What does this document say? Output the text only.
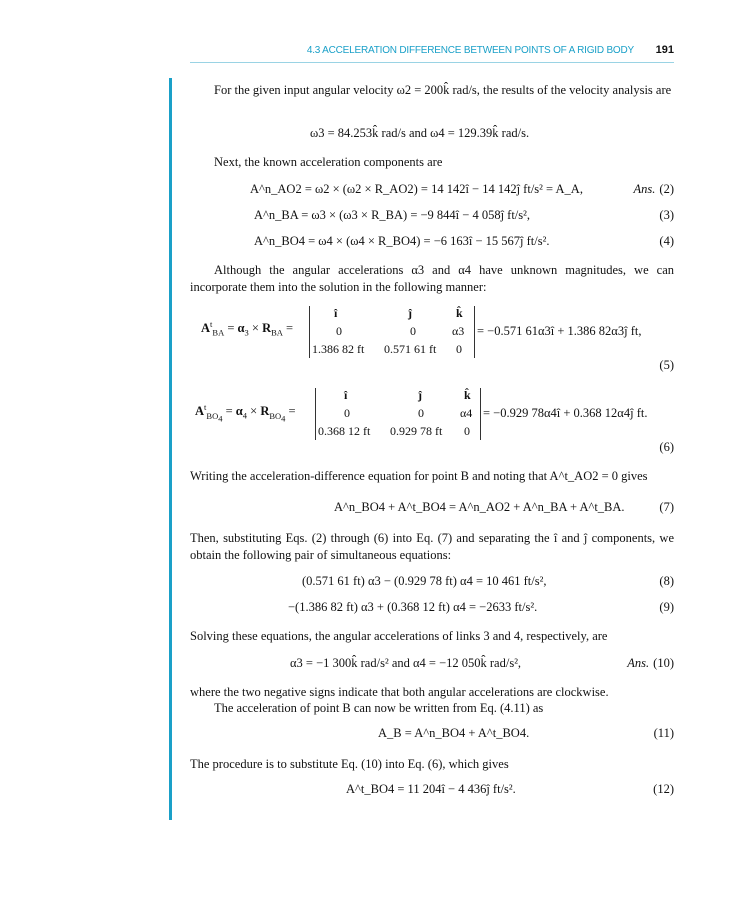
4.3 ACCELERATION DIFFERENCE BETWEEN POINTS OF A RIGID BODY 191
For the given input angular velocity ω2 = 200k̂ rad/s, the results of the velocity analysis are
ω3 = 84.253k̂ rad/s and ω4 = 129.39k̂ rad/s.
Next, the known acceleration components are
A^n_AO2 = ω2 × (ω2 × R_AO2) = 14 142î − 14 142ĵ ft/s² = A_A,	Ans. (2)
A^n_BA = ω3 × (ω3 × R_BA) = −9 844î − 4 058ĵ ft/s²,	(3)
A^n_BO4 = ω4 × (ω4 × R_BO4) = −6 163î − 15 567ĵ ft/s².	(4)
Although the angular accelerations α3 and α4 have unknown magnitudes, we can incorporate them into the solution in the following manner:
$A^t_{BA} = \alpha_3 \times R_{BA}$ =
î	ĵ	k̂
0	0	α3
1.386 82 ft 0.571 61 ft 0
= −0.571 61α3î + 1.386 82α3ĵ ft,
(5)
$A^t_{BO_4} = \alpha_4 \times R_{BO_4}$ =
î	ĵ	k̂
0	0	α4
0.368 12 ft 0.929 78 ft 0
= −0.929 78α4î + 0.368 12α4ĵ ft.
(6)
Writing the acceleration-difference equation for point B and noting that A^t_AO2 = 0 gives
A^n_BO4 + A^t_BO4 = A^n_AO2 + A^n_BA + A^t_BA.	(7)
Then, substituting Eqs. (2) through (6) into Eq. (7) and separating the î and ĵ components, we obtain the following pair of simultaneous equations:
(0.571 61 ft) α3 − (0.929 78 ft) α4 = 10 461 ft/s²,	(8)
−(1.386 82 ft) α3 + (0.368 12 ft) α4 = −2633 ft/s².	(9)
Solving these equations, the angular accelerations of links 3 and 4, respectively, are
α3 = −1 300k̂ rad/s² and α4 = −12 050k̂ rad/s²,	Ans. (10)
where the two negative signs indicate that both angular accelerations are clockwise.
The acceleration of point B can now be written from Eq. (4.11) as
A_B = A^n_BO4 + A^t_BO4.	(11)
The procedure is to substitute Eq. (10) into Eq. (6), which gives
A^t_BO4 = 11 204î − 4 436ĵ ft/s².	(12)
